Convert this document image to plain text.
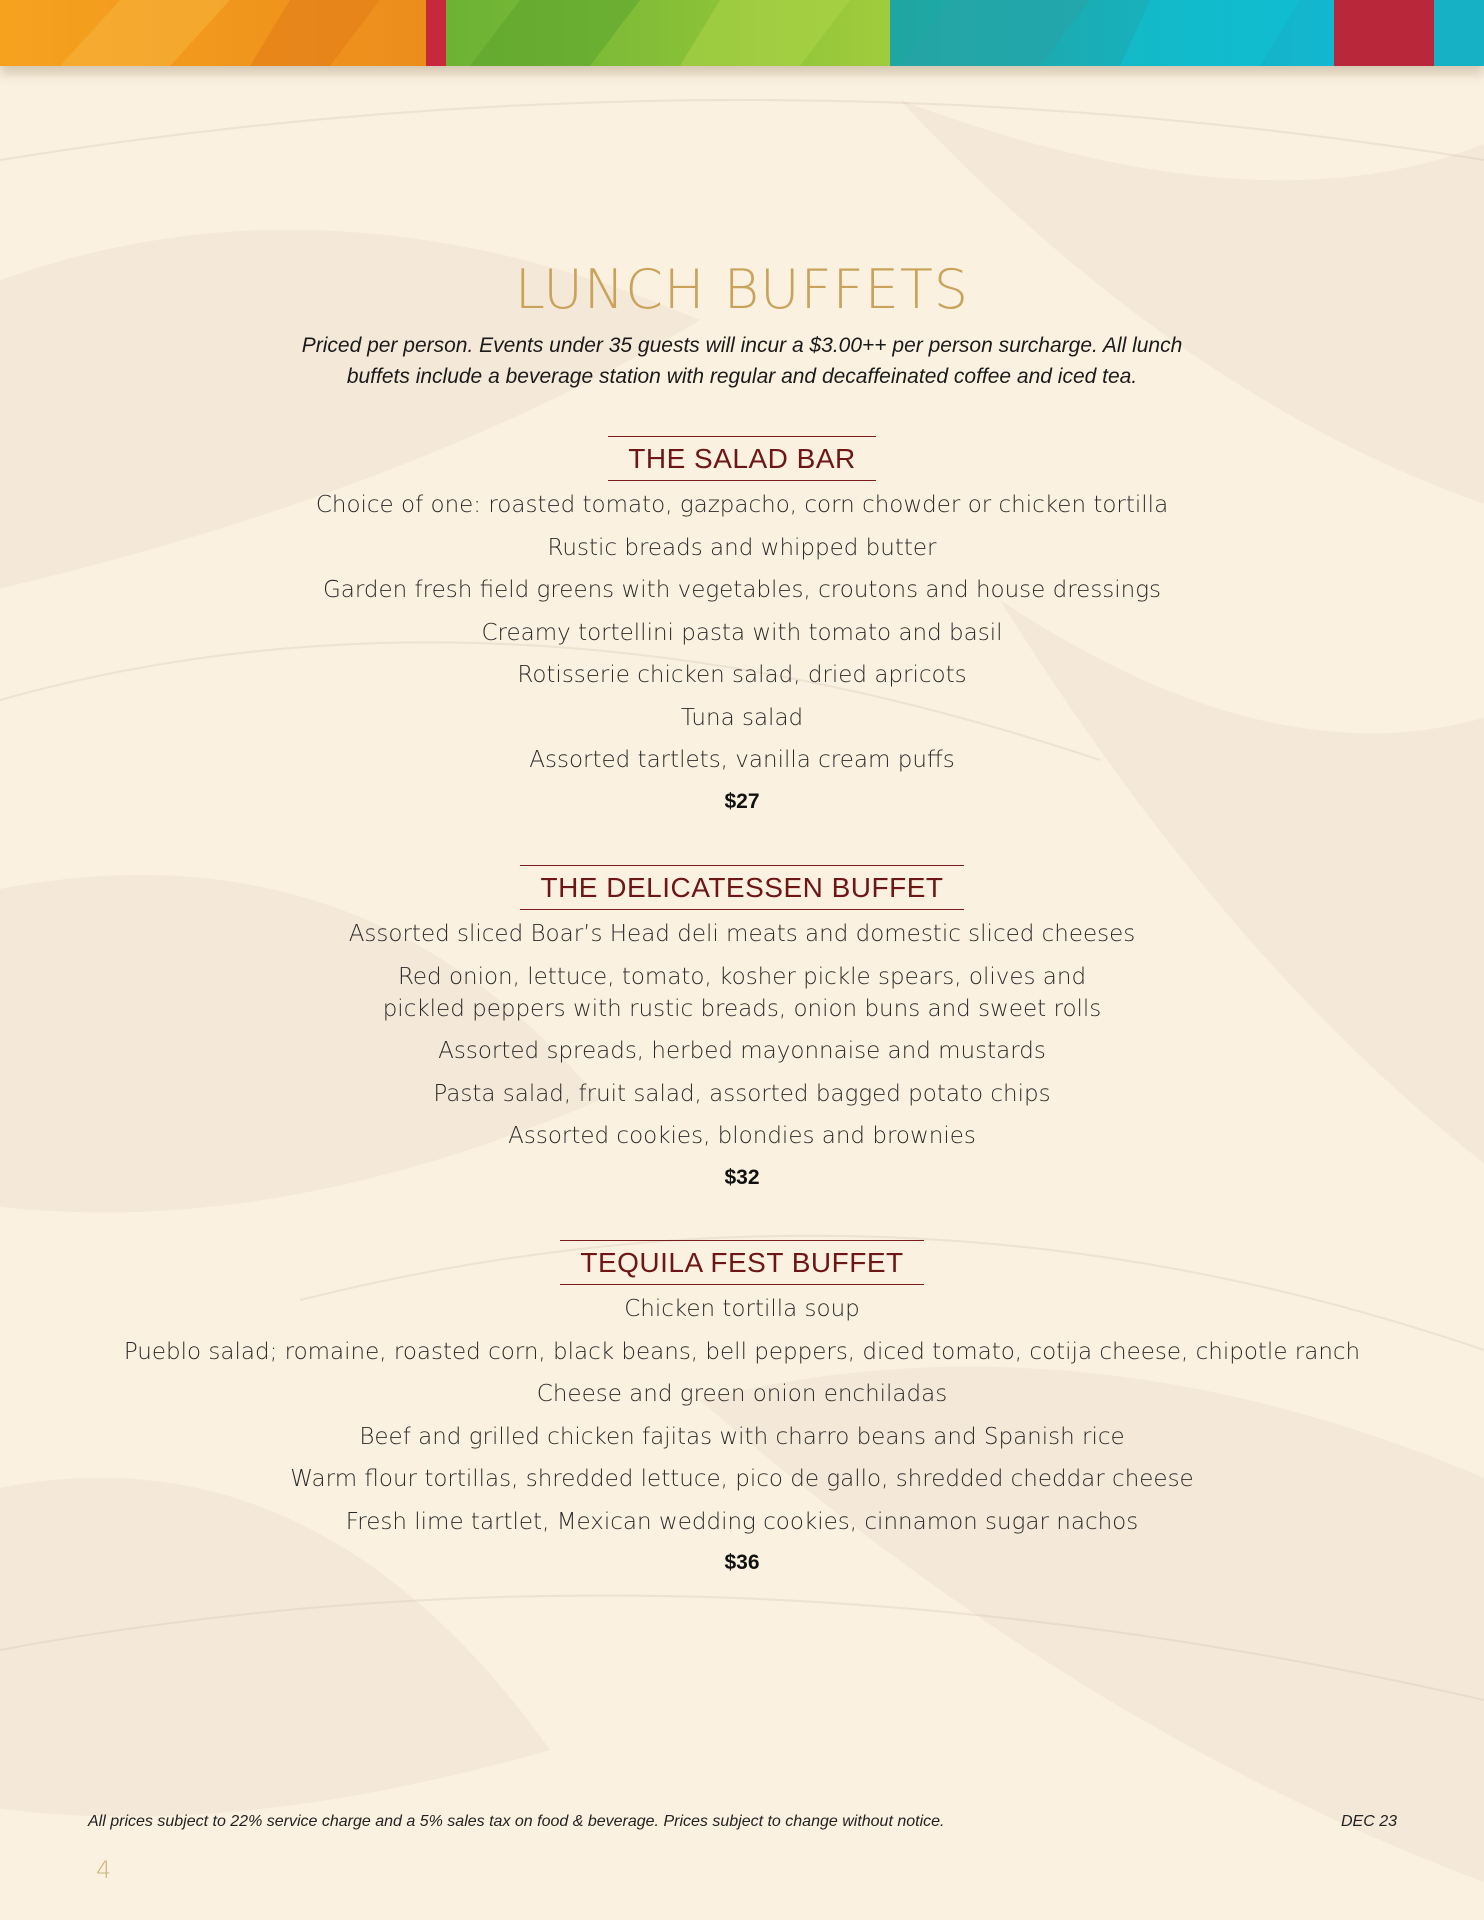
LUNCH BUFFETS
Priced per person. Events under 35 guests will incur a $3.00++ per person surcharge. All lunch
buffets include a beverage station with regular and decaffeinated coffee and iced tea.
THE SALAD BAR
Choice of one: roasted tomato, gazpacho, corn chowder or chicken tortilla
Rustic breads and whipped butter
Garden fresh field greens with vegetables, croutons and house dressings
Creamy tortellini pasta with tomato and basil
Rotisserie chicken salad, dried apricots
Tuna salad
Assorted tartlets, vanilla cream puffs
$27
THE DELICATESSEN BUFFET
Assorted sliced Boar’s Head deli meats and domestic sliced cheeses
Red onion, lettuce, tomato, kosher pickle spears, olives and pickled peppers with rustic breads, onion buns and sweet rolls
Assorted spreads, herbed mayonnaise and mustards
Pasta salad, fruit salad, assorted bagged potato chips
Assorted cookies, blondies and brownies
$32
TEQUILA FEST BUFFET
Chicken tortilla soup
Pueblo salad; romaine, roasted corn, black beans, bell peppers, diced tomato, cotija cheese, chipotle ranch
Cheese and green onion enchiladas
Beef and grilled chicken fajitas with charro beans and Spanish rice
Warm flour tortillas, shredded lettuce, pico de gallo, shredded cheddar cheese
Fresh lime tartlet, Mexican wedding cookies, cinnamon sugar nachos
$36
All prices subject to 22% service charge and a 5% sales tax on food & beverage. Prices subject to change without notice.	DEC 23
4
